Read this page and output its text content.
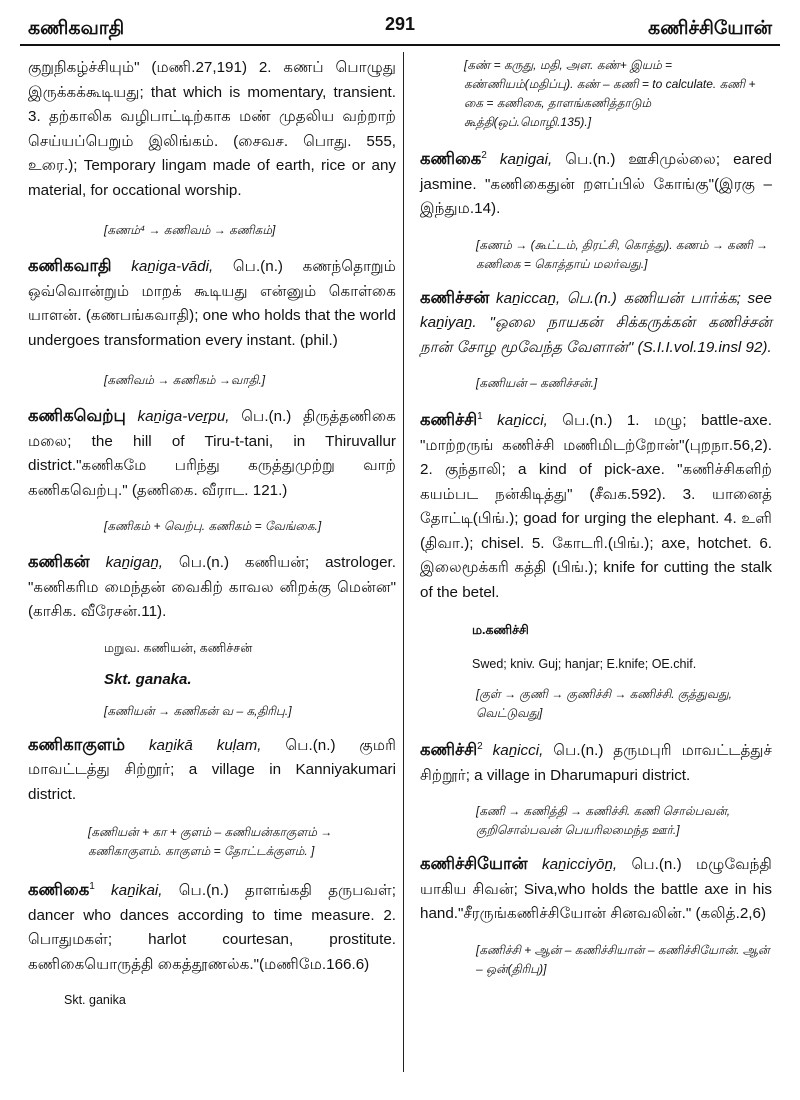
கணிகவாதி	291	கணிச்சியோன்

குறுநிகழ்ச்சியும்" (மணி.27,191) 2. கணப் பொழுது இருக்கக்கூடியது; that which is momentary, transient. 3. தற்காலிக வழிபாட்டிற்காக மண் முதலிய வற்றாற் செய்யப்பெறும் இலிங்கம். (சைவச. பொது. 555, உரை.); Temporary lingam made of earth, rice or any material, for occational worship.

[கணம்⁴ → கணிவம் → கணிகம்]

கணிகவாதி kaṉiga-vādi, பெ.(n.) கணந்தொறும் ஒவ்வொன்றும் மாறக் கூடியது என்னும் கொள்கை யாளன். (கணபங்கவாதி); one who holds that the world undergoes transformation every instant. (phil.)

[கணிவம் → கணிகம் →வாதி.]

கணிகவெற்பு kaṉiga-veṟpu, பெ.(n.) திருத்தணிகை மலை; the hill of Tiru-t-tani, in Thiruvallur district."கணிகமே பரிந்து கருத்துமுற்று வாற் கணிகவெற்பு." (தணிகை. வீராட. 121.)

[கணிகம் + வெற்பு. கணிகம் = வேங்கை.]

கணிகன் kaṉigaṉ, பெ.(n.) கணியன்; astrologer. "கணிகரிம மைந்தன் வைகிற் காவல னிறக்கு மென்ன"(காசிக. வீரேசன்.11).

மறுவ. கணியன், கணிச்சன்

Skt. ganaka.

[கணியன் → கணிகன் வ – க,திரிபு.]

கணிகாகுளம் kaṉikā kuḷam, பெ.(n.) குமரி மாவட்டத்து சிற்றூர்; a village in Kanniyakumari district.

[கணியன் + கா + குளம் – கணியன்காகுளம் → கணிகாகுளம். காகுளம் = தோட்டக்குளம். ]

கணிகை$^1$ kaṉikai, பெ.(n.) தாளங்கதி தருபவள்; dancer who dances according to time measure. 2. பொதுமகள்; harlot courtesan, prostitute. கணிகையொருத்தி கைத்தூணல்க."(மணிமே.166.6)

Skt. ganika

[கண் = கருது, மதி, அள. கண்+ இயம் = கண்ணியம்(மதிப்பு). கண் – கணி = to calculate. கணி + கை = கணிகை, தாளங்கணித்தாடும் கூத்தி(ஒப்.மொழி.135).]

கணிகை$^2$ kaṉigai, பெ.(n.) ஊசிமுல்லை; eared jasmine. "கணிகைதுன் றளப்பில் கோங்கு"(இரகு – இந்தும.14).

[கணம் → (கூட்டம், திரட்சி, கொத்து). கணம் → கணி → கணிகை = கொத்தாய் மலர்வது.]

கணிச்சன் kaṉiccaṉ, பெ.(n.) கணியன் பார்க்க; see kaṉiyaṉ. "ஒலை நாயகன் சிக்கருக்கன் கணிச்சன் நான் சோழ மூவேந்த வேளான்" (S.I.I.vol.19.insl 92).

[கணியன் – கணிச்சன்.]

கணிச்சி$^1$ kaṉicci, பெ.(n.) 1. மழு; battle-axe. "மாற்றருங் கணிச்சி மணிமிடற்றோன்"(புறநா.56,2). 2. குந்தாலி; a kind of pick-axe. "கணிச்சிகளிற் கயம்பட நன்கிடித்து" (சீவக.592). 3. யானைத் தோட்டி(பிங்.); goad for urging the elephant. 4. உளி (திவா.); chisel. 5. கோடரி.(பிங்.); axe, hotchet. 6. இலைமூக்கரி கத்தி (பிங்.); knife for cutting the stalk of the betel.

ம.கணிச்சி

Swed; kniv. Guj; hanjar; E.knife; OE.chif.

[குள் → குணி → குணிச்சி → கணிச்சி. குத்துவது, வெட்டுவது]

கணிச்சி$^2$ kaṉicci, பெ.(n.) தருமபுரி மாவட்டத்துச் சிற்றூர்; a village in Dharumapuri district.

[கணி → கணித்தி → கணிச்சி. கணி சொல்பவன், குறிசொல்பவன் பெயரிலமைந்த ஊர்.]

கணிச்சியோன் kaṉicciyōṉ, பெ.(n.) மழுவேந்தி யாகிய சிவன்; Siva,who holds the battle axe in his hand."சீரருங்கணிச்சியோன் சினவலின்." (கலித்.2,6)

[கணிச்சி + ஆன் – கணிச்சியான் – கணிச்சியோன். ஆன் – ஒன்(திரிபு)]
